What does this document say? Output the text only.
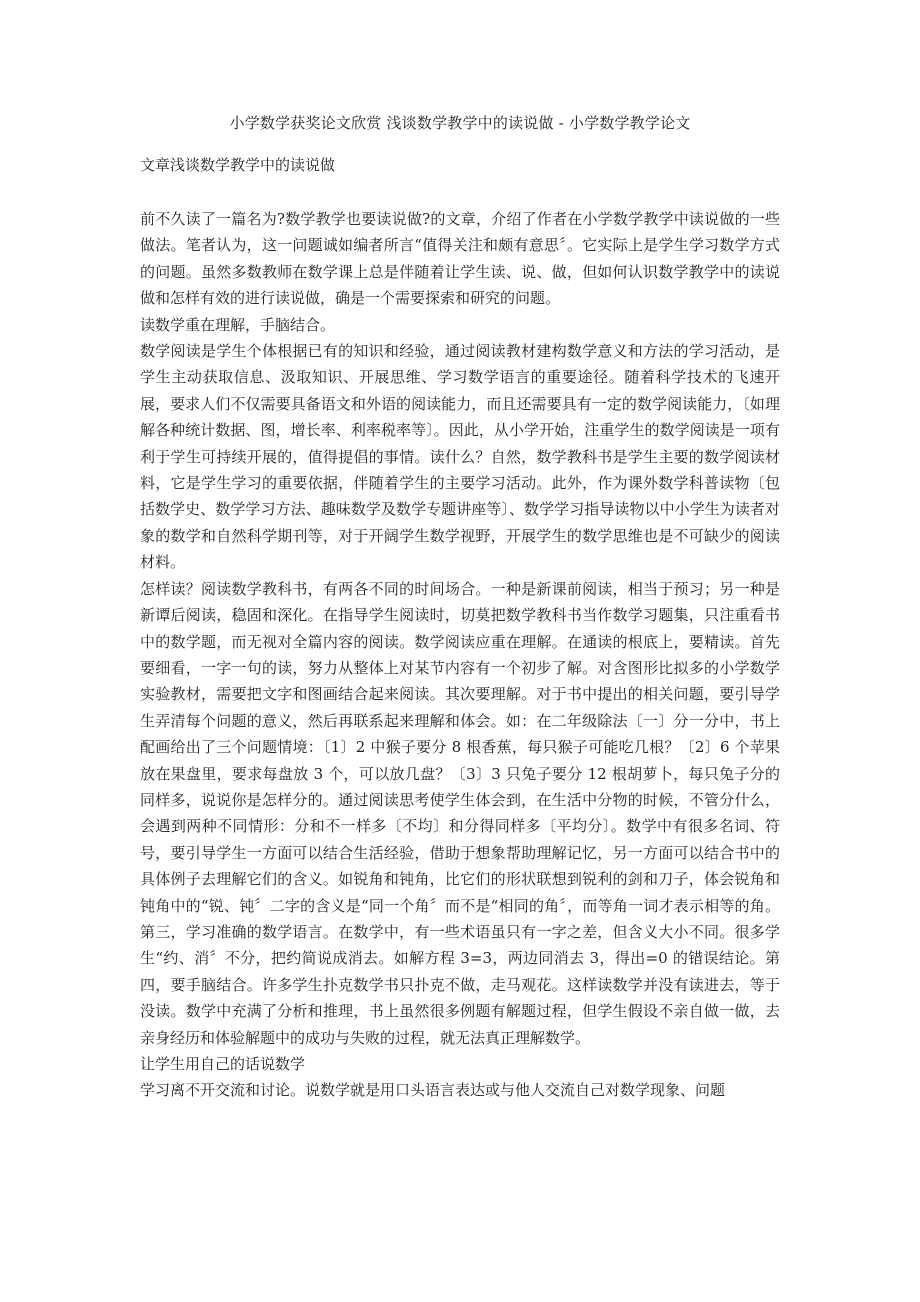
小学数学获奖论文欣赏 浅谈数学教学中的读说做 - 小学数学教学论文

文章浅谈数学教学中的读说做

前不久读了一篇名为?数学教学也要读说做?的文章，介绍了作者在小学数学教学中读说做的一些做法。笔者认为，这一问题诚如编者所言“值得关注和颇有意思〞。它实际上是学生学习数学方式的问题。虽然多数教师在数学课上总是伴随着让学生读、说、做，但如何认识数学教学中的读说做和怎样有效的进行读说做，确是一个需要探索和研究的问题。

读数学重在理解，手脑结合。

数学阅读是学生个体根据已有的知识和经验，通过阅读教材建构数学意义和方法的学习活动，是学生主动获取信息、汲取知识、开展思维、学习数学语言的重要途径。随着科学技术的飞速开展，要求人们不仅需要具备语文和外语的阅读能力，而且还需要具有一定的数学阅读能力，〔如理解各种统计数据、图，增长率、利率税率等〕。因此，从小学开始，注重学生的数学阅读是一项有利于学生可持续开展的，值得提倡的事情。读什么？自然，数学教科书是学生主要的数学阅读材料，它是学生学习的重要依据，伴随着学生的主要学习活动。此外，作为课外数学科普读物〔包括数学史、数学学习方法、趣味数学及数学专题讲座等〕、数学学习指导读物以中小学生为读者对象的数学和自然科学期刊等，对于开阔学生数学视野，开展学生的数学思维也是不可缺少的阅读材料。

怎样读？阅读数学教科书，有两各不同的时间场合。一种是新课前阅读，相当于预习；另一种是新谭后阅读，稳固和深化。在指导学生阅读时，切莫把数学教科书当作数学习题集，只注重看书中的数学题，而无视对全篇内容的阅读。数学阅读应重在理解。在通读的根底上，要精读。首先要细看，一字一句的读，努力从整体上对某节内容有一个初步了解。对含图形比拟多的小学数学实验教材，需要把文字和图画结合起来阅读。其次要理解。对于书中提出的相关问题，要引导学生弄清每个问题的意义，然后再联系起来理解和体会。如：在二年级除法〔一〕分一分中，书上配画给出了三个问题情境：〔1〕2 中猴子要分 8 根香蕉，每只猴子可能吃几根？〔2〕6 个苹果放在果盘里，要求每盘放 3 个，可以放几盘？〔3〕3 只兔子要分 12 根胡萝卜，每只兔子分的同样多，说说你是怎样分的。通过阅读思考使学生体会到，在生活中分物的时候，不管分什么，会遇到两种不同情形：分和不一样多〔不均〕和分得同样多〔平均分〕。数学中有很多名词、符号，要引导学生一方面可以结合生活经验，借助于想象帮助理解记忆，另一方面可以结合书中的具体例子去理解它们的含义。如锐角和钝角，比它们的形状联想到锐利的剑和刀子，体会锐角和钝角中的“锐、钝〞二字的含义是“同一个角〞而不是“相同的角〞，而等角一词才表示相等的角。第三，学习准确的数学语言。在数学中，有一些术语虽只有一字之差，但含义大小不同。很多学生“约、消〞不分，把约简说成消去。如解方程 3=3，两边同消去 3，得出=0 的错误结论。第四，要手脑结合。许多学生扑克数学书只扑克不做，走马观花。这样读数学并没有读进去，等于没读。数学中充满了分析和推理，书上虽然很多例题有解题过程，但学生假设不亲自做一做，去亲身经历和体验解题中的成功与失败的过程，就无法真正理解数学。

让学生用自己的话说数学

学习离不开交流和讨论。说数学就是用口头语言表达或与他人交流自己对数学现象、问题
